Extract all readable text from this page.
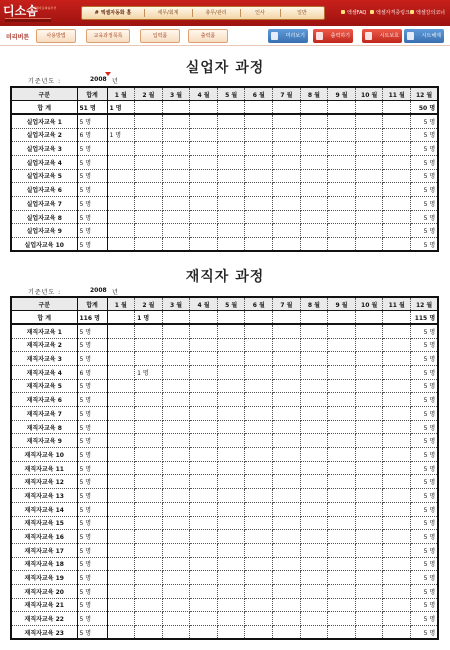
디소솜
엑셀자동화솔루션
# 엑셀자동화 홈	세무/회계	총무/관리	인사	일반	엑셀FAQ	엑셀자격증링크	엑셀강의코너
미리버튼	사용방법	교육과정목록	입력폼	출력폼	미리보기	출력하기	시트보호	시트해제
실업자 과정
기준년도 :	2008 년
구분	합계	1 월	2 월	3 월	4 월	5 월	6 월	7 월	8 월	9 월	10 월	11 월	12 월
합 계	51 명	1 명											50 명
실업자교육 1	5 명												5 명
실업자교육 2	6 명	1 명											5 명
실업자교육 3	5 명												5 명
실업자교육 4	5 명												5 명
실업자교육 5	5 명												5 명
실업자교육 6	5 명												5 명
실업자교육 7	5 명												5 명
실업자교육 8	5 명												5 명
실업자교육 9	5 명												5 명
실업자교육 10	5 명												5 명
재직자 과정
기준년도 :	2008 년
구분	합계	1 월	2 월	3 월	4 월	5 월	6 월	7 월	8 월	9 월	10 월	11 월	12 월
합 계	116 명		1 명										115 명
재직자교육 1	5 명												5 명
재직자교육 2	5 명												5 명
재직자교육 3	5 명												5 명
재직자교육 4	6 명		1 명										5 명
재직자교육 5	5 명												5 명
재직자교육 6	5 명												5 명
재직자교육 7	5 명												5 명
재직자교육 8	5 명												5 명
재직자교육 9	5 명												5 명
재직자교육 10	5 명												5 명
재직자교육 11	5 명												5 명
재직자교육 12	5 명												5 명
재직자교육 13	5 명												5 명
재직자교육 14	5 명												5 명
재직자교육 15	5 명												5 명
재직자교육 16	5 명												5 명
재직자교육 17	5 명												5 명
재직자교육 18	5 명												5 명
재직자교육 19	5 명												5 명
재직자교육 20	5 명												5 명
재직자교육 21	5 명												5 명
재직자교육 22	5 명												5 명
재직자교육 23	5 명												5 명
